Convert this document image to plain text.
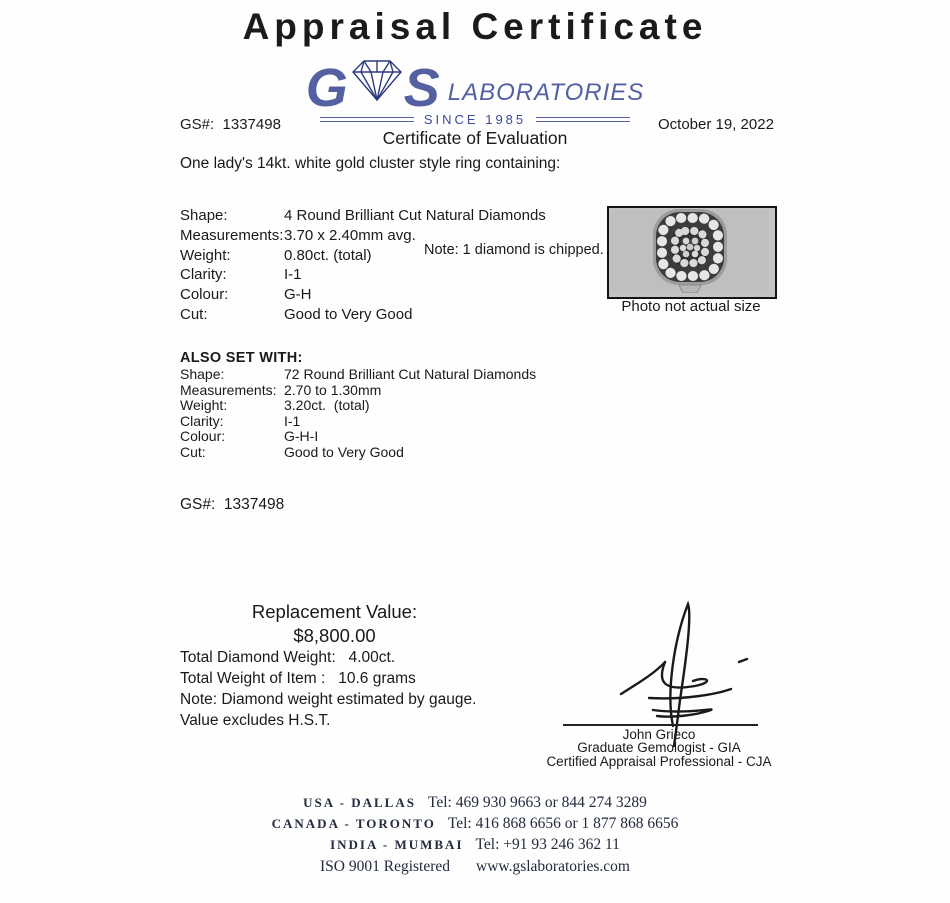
Appraisal Certificate
G S LABORATORIES
SINCE 1985
GS#:  1337498	October 19, 2022
Certificate of Evaluation
One lady's 14kt. white gold cluster style ring containing:
Shape:	4 Round Brilliant Cut Natural Diamonds
Measurements: 3.70 x 2.40mm avg.
Weight:	0.80ct. (total)
Clarity:	I-1
Colour:	G-H
Cut:	Good to Very Good
Note: 1 diamond is chipped.
Photo not actual size
ALSO SET WITH:
Shape:	72 Round Brilliant Cut Natural Diamonds
Measurements: 2.70 to 1.30mm
Weight:	3.20ct.  (total)
Clarity:	I-1
Colour:	G-H-I
Cut:	Good to Very Good
GS#:  1337498
Replacement Value:
$8,800.00
Total Diamond Weight:   4.00ct.
Total Weight of Item :   10.6 grams
Note: Diamond weight estimated by gauge.
Value excludes H.S.T.
John Grieco
Graduate Gemologist - GIA
Certified Appraisal Professional - CJA
USA - DALLAS Tel: 469 930 9663 or 844 274 3289
CANADA - TORONTO Tel: 416 868 6656 or 1 877 868 6656
INDIA - MUMBAI Tel: +91 93 246 362 11
ISO 9001 Registered www.gslaboratories.com
